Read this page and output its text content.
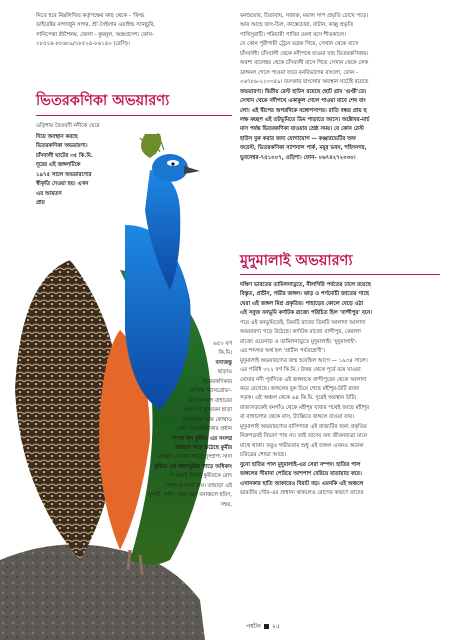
নিতে হবে নিম্নলিখিত কর্তৃপক্ষের কাছ থেকে - 'ফিল্ড

ডাইরেক্টর নাগার্জুন সাগর, শ্রী সৈইলাম ওয়াইল্ড স্যান্চুরি,

সানিপেন্তা শ্রীশৈলম, জেলা - কুরনুল, অন্ধ্রপ্রদেশ। ফোন-

০৮৫২৪-৮৮৬৮৯/০৮৫২৪-৮৬১৪০ (রেসি)।

ভিতরকণিকা অভয়ারণ্য
ওড়িশায় বৈতরণী নদীকে ঘেরে

দিয়ে অবস্থান করছে

ভিতরকণিকা অভয়ারণ্য।

চাঁদবালী ঘাটের ৩৫ কি.মি.

দূরের এই জঙ্গলটিকে

১৯৭৫ সালে অভয়ারণ্যের

স্বীকৃতি দেওয়া হয়। এখন

এর আয়তন

প্রায়

৬৫০ বর্গ

কি.মি।

বন্যজন্তু

ছাড়াও

ভিতরকণিকার

প্রসিদ্ধি 'ম্যানগ্রোভ'-

এর অপরূপ বাহারের

জন্য। যা সুন্দরবন ছাড়া

ভারতবর্ষে আর কোথাও

নেই। ভিতরকণিকার প্রধান

সম্পদ হল কুমীর। এর সংলগ্ন

অঞ্চলে গড়ে উঠেছে কুমীর

প্রকল্প। সেখানে আছে দুষ্প্রাপ্য সাদা

কুমীর। এর জলাভূমির পাড়ে অধিকাং

শ সময়ই দিনেই কুমীরকে রোদ

পোহাতে দেখা যায়। তাছাড়া এই

সুন্দরী, গাইন গাছে ভরা বনাঞ্চলে হরিণ,

সম্বর,

বনশুয়োর, চিতাবাঘ, সজারু, ময়াল সাপ প্রভৃতি চোখে পড়ে।

আর আছে জাং-চিল, কাস্তেচোরা, বাটান, কাল্লু প্রভৃতি

পাখিসুরাটি। পরিযায়ী পাখির মেলা বসে শীতকালে।

যে কোন পুরীগামী ট্রেনে ভদ্রক গিয়ে, সেখান থেকে বাসে

চাঁদবালী। চাঁদবালী থেকে নদীপথে যাওয়া যায় ভিতরকণিকায়।

অবশ্য বালেশ্বর থেকে চাঁদবালী বাসে গিয়ে সেখান থেকে লেক

ডাঙ্গমল গেলে পাওয়া যাবে বনবিভাগের বাংলো, ফোন -

০৬৭৮৬-২২০৩৫৯। চমৎকার বাংলোর অবস্থান ঘাটেই রয়েছে

অভয়ারণ্য। দ্বিতীয় রেস্ট হাউস রয়েছে ছোট গ্রাম 'গুপ্তী'তে।

সেখান থেকে নদীপথে একাকুল গেলে পাওয়া যাবে শেষ বাং

লো। এই দ্বীপের অপরদিকে বঙ্গোপসাগর। রাতি বন্ধর প্রায় ছ

লক্ষ কচ্ছপ এই তটভূমিতে ডিম পাড়াতে আসে। অক্টোবর-মার্চ

মাস পর্যন্ত ভিতরকণিকা যাওয়ার শ্রেষ্ঠ সময়। যে কোন রেস্ট

হাউস বুক করার জন্য যোগাযোগ — কঞ্জারভেটির অফ

ফরেস্ট, ভিতরকণিকা ন্যাশনাল পার্ক, ময়ূর ভবন, শহিদনগর,

ভুবনেশ্বর-৭৫১০০৭, ওড়িশা। ফোন- ০৬৭৪২৭২০৩০।

মুদুমালাই অভয়ারণ্য

দক্ষিণ ভারতের তামিলনাড়ুতে, নীলগিরি পর্বতের ঢালে রয়েছে

বিস্তৃত, প্রাচীন, গভীর জঙ্গল। ঝাড় ও পর্ণমোচী জাতের গাছে

ঘেরা এই জঙ্গল মিশ্র প্রকৃতির। পাহাড়ের কোলে বেড়ে ওঠা

এই সবুজ বনভূমি কর্ণাটক রাজ্যে পরিচিত হিল 'বান্দীপুর' বনে।

পরে এই বনভূমিতেই, তিনটি রাজ্যে তিনটি আলাদা আলাদা

অভয়ারণ্য গড়ে উঠেছে। কর্ণাটক রাজ্যে বান্দীপুর, কেরালা

রাজ্যে ওয়েনাড় ও তামিলনাড়ুতে মুদুমালাই। 'মুদুমালাই'-

এর শব্দগত অর্থ হল 'প্রাচীন পর্বতশ্রেণী'।

মুদুমালাই অভয়ারণ্যের জন্ম হয়েছিল আগে — ১৯৩৪ সালে।

এর পরিধি ৩২২ বর্গ কি.মি.। উত্তর থেকে পূর্বে বয়ে যাওয়া

মোয়ার নদী পূর্বদিকে এই জঙ্গলকে বান্দীপুরের থেকে আলাদা

করে রেখেছে। জঙ্গলের বুক চিরে গেছে মহীশূর-উটি রাজ্য

সড়ক। এই অঞ্চল থেকে ৬৪ কি.মি. দূরেই অবস্থান উটি।

রাজ্যসড়কেই বনগাঁও থেকে মহীশূর যাবার পথেই আছে মহীশূর

বা বাঙ্গালোর থেকে বাস, ট্যাক্সিতে জঙ্গলে যাওয়া যায়।

মুদুমালাই অভয়ারণ্যের বাসিন্দারা এই রাজ্যটির জন্য প্রকৃতির

নিরুপদ্রবই বিচরণ পায় না। তাই তাদের বন্য জীবনযাত্রা মানে

মাথে থাকা। তবুও গভীরতার শুধু এই জঙ্গল এখনও অনেক

চরিত্রের শোভা আছে।

বুনো হাতির পাল মুদুমালাই-এর সেরা সম্পদ। হাতির পাল

জঙ্গলের সীমানা পেরিয়ে আশপাশ বেরিয়ে যাতায়াত করে।

এখানকার হাতি আকারেও বিরাট বড়। এমনকি এই অঞ্চলে

ভারতীয় গৌর-এর প্রাধান্য থাকলেও রোগের কারণে তাদের

পর্যটন ২৫
